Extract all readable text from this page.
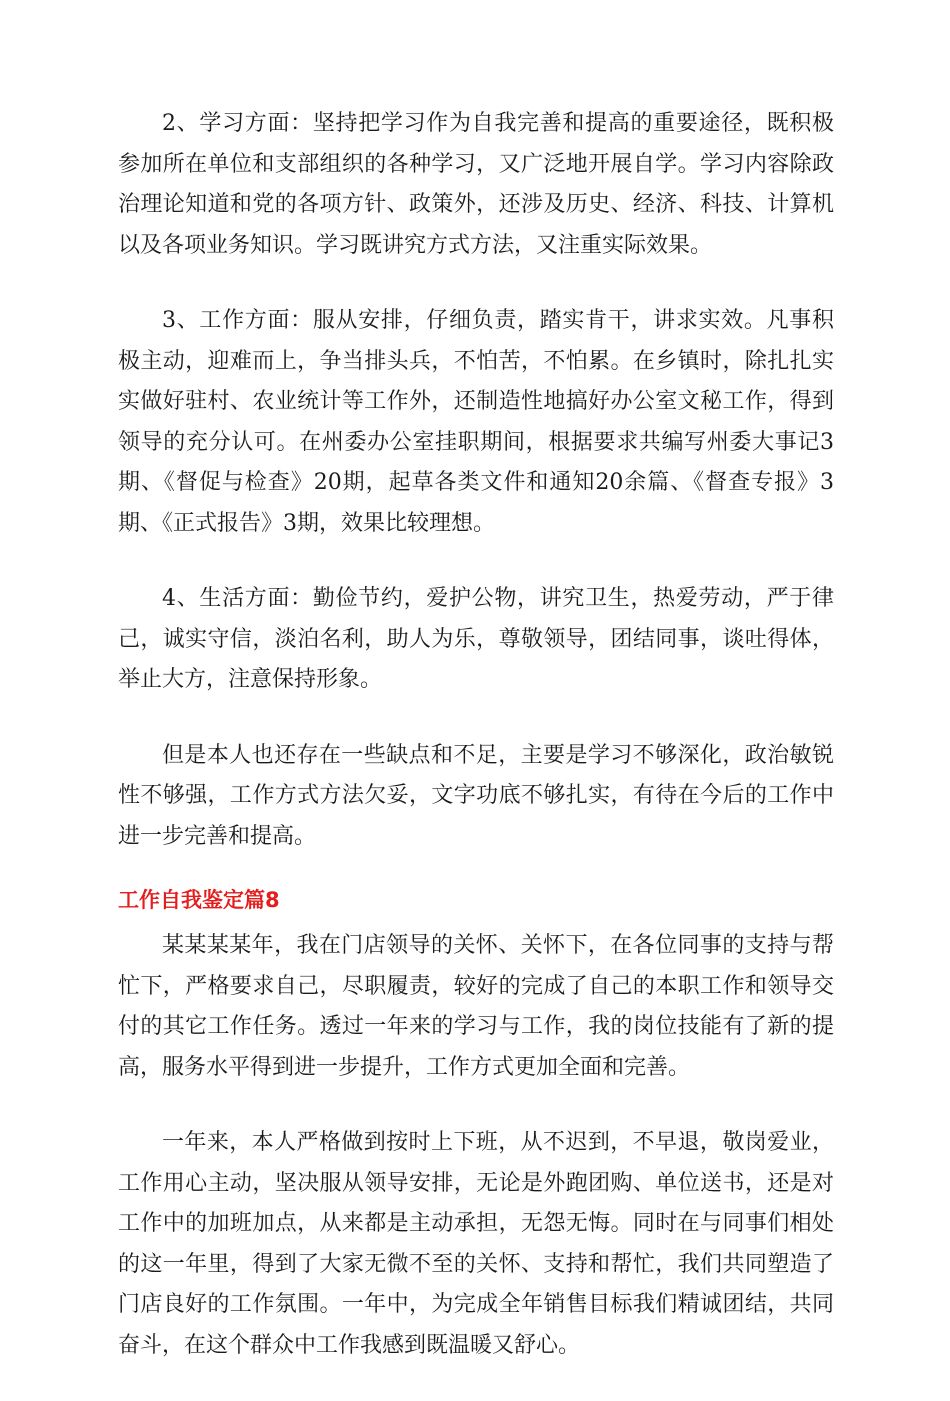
2、学习方面：坚持把学习作为自我完善和提高的重要途径，既积极参加所在单位和支部组织的各种学习，又广泛地开展自学。学习内容除政治理论知道和党的各项方针、政策外，还涉及历史、经济、科技、计算机以及各项业务知识。学习既讲究方式方法，又注重实际效果。

3、工作方面：服从安排，仔细负责，踏实肯干，讲求实效。凡事积极主动，迎难而上，争当排头兵，不怕苦，不怕累。在乡镇时，除扎扎实实做好驻村、农业统计等工作外，还制造性地搞好办公室文秘工作，得到领导的充分认可。在州委办公室挂职期间，根据要求共编写州委大事记3期、《督促与检查》20期，起草各类文件和通知20余篇、《督查专报》3期、《正式报告》3期，效果比较理想。

4、生活方面：勤俭节约，爱护公物，讲究卫生，热爱劳动，严于律己，诚实守信，淡泊名利，助人为乐，尊敬领导，团结同事，谈吐得体，举止大方，注意保持形象。

但是本人也还存在一些缺点和不足，主要是学习不够深化，政治敏锐性不够强，工作方式方法欠妥，文字功底不够扎实，有待在今后的工作中进一步完善和提高。

工作自我鉴定篇8

某某某某年，我在门店领导的关怀、关怀下，在各位同事的支持与帮忙下，严格要求自己，尽职履责，较好的完成了自己的本职工作和领导交付的其它工作任务。透过一年来的学习与工作，我的岗位技能有了新的提高，服务水平得到进一步提升，工作方式更加全面和完善。

一年来，本人严格做到按时上下班，从不迟到，不早退，敬岗爱业，工作用心主动，坚决服从领导安排，无论是外跑团购、单位送书，还是对工作中的加班加点，从来都是主动承担，无怨无悔。同时在与同事们相处的这一年里，得到了大家无微不至的关怀、支持和帮忙，我们共同塑造了门店良好的工作氛围。一年中，为完成全年销售目标我们精诚团结，共同奋斗，在这个群众中工作我感到既温暖又舒心。
